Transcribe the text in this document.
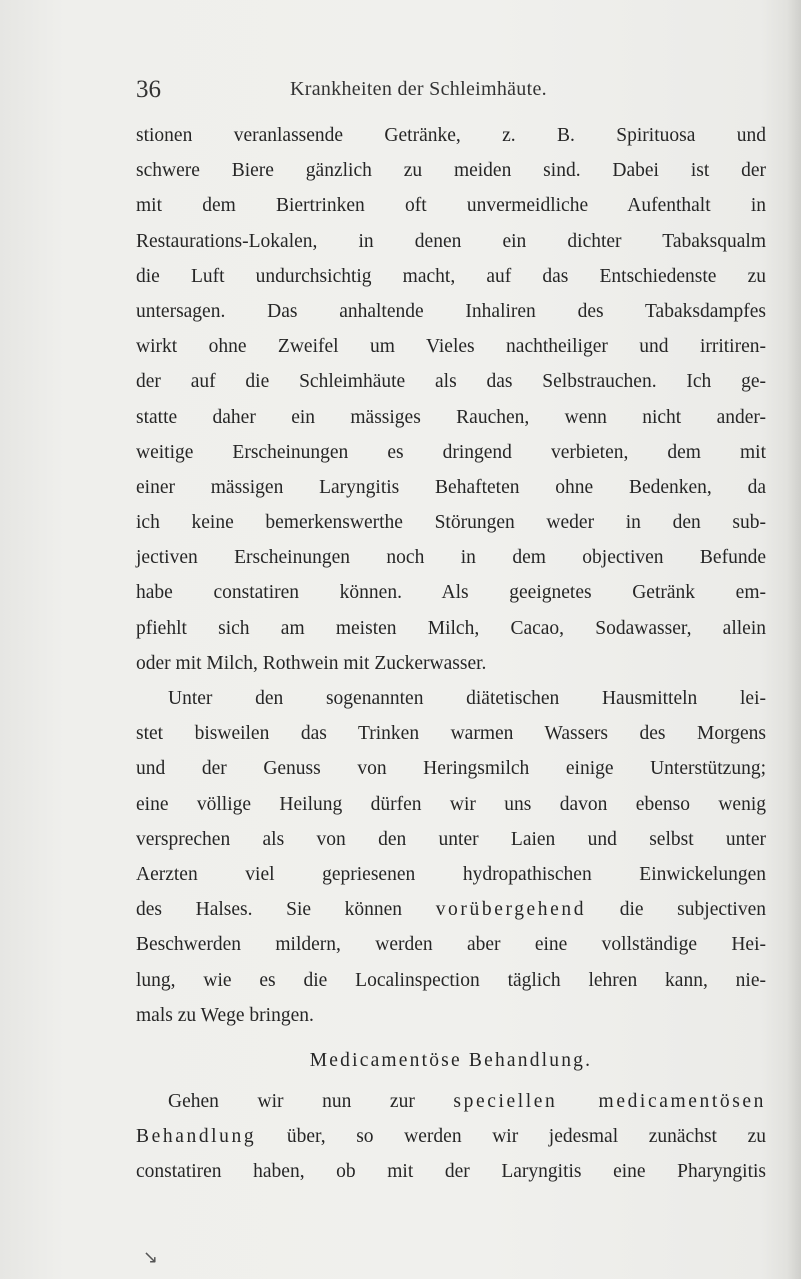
36	Krankheiten der Schleimhäute.
stionen veranlassende Getränke, z. B. Spirituosa und
schwere Biere gänzlich zu meiden sind. Dabei ist der
mit dem Biertrinken oft unvermeidliche Aufenthalt in
Restaurations-Lokalen, in denen ein dichter Tabaksqualm
die Luft undurchsichtig macht, auf das Entschiedenste zu
untersagen. Das anhaltende Inhaliren des Tabaksdampfes
wirkt ohne Zweifel um Vieles nachtheiliger und irritiren-
der auf die Schleimhäute als das Selbstrauchen. Ich ge-
statte daher ein mässiges Rauchen, wenn nicht ander-
weitige Erscheinungen es dringend verbieten, dem mit
einer mässigen Laryngitis Behafteten ohne Bedenken, da
ich keine bemerkenswerthe Störungen weder in den sub-
jectiven Erscheinungen noch in dem objectiven Befunde
habe constatiren können. Als geeignetes Getränk em-
pfiehlt sich am meisten Milch, Cacao, Sodawasser, allein
oder mit Milch, Rothwein mit Zuckerwasser.
Unter den sogenannten diätetischen Hausmitteln lei-
stet bisweilen das Trinken warmen Wassers des Morgens
und der Genuss von Heringsmilch einige Unterstützung;
eine völlige Heilung dürfen wir uns davon ebenso wenig
versprechen als von den unter Laien und selbst unter
Aerzten viel gepriesenen hydropathischen Einwickelungen
des Halses. Sie können vorübergehend die subjectiven
Beschwerden mildern, werden aber eine vollständige Hei-
lung, wie es die Localinspection täglich lehren kann, nie-
mals zu Wege bringen.
Medicamentöse Behandlung.
Gehen wir nun zur speciellen medicamentösen
Behandlung über, so werden wir jedesmal zunächst zu
constatiren haben, ob mit der Laryngitis eine Pharyngitis
↘
